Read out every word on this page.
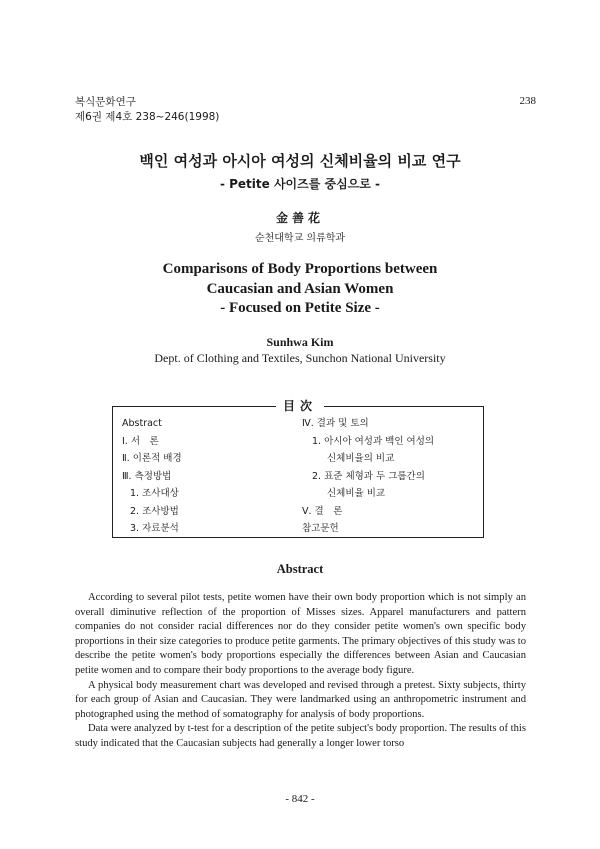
복식문화연구
제6권 제4호 238~246(1998)
238
백인 여성과 아시아 여성의 신체비율의 비교 연구
- Petite 사이즈를 중심으로 -
金善花
순천대학교 의류학과
Comparisons of Body Proportions between
Caucasian and Asian Women
- Focused on Petite Size -
Sunhwa Kim
Dept. of Clothing and Textiles, Sunchon National University
目次
Abstract
Ⅰ. 서　론
Ⅱ. 이론적 배경
Ⅲ. 측정방법
1. 조사대상
2. 조사방법
3. 자료분석
Ⅳ. 결과 및 토의
1. 아시아 여성과 백인 여성의
신체비율의 비교
2. 표준 체형과 두 그룹간의
신체비율 비교
Ⅴ. 결　론
참고문헌
Abstract

According to several pilot tests, petite women have their own body proportion which is not simply an overall diminutive reflection of the proportion of Misses sizes. Apparel manufacturers and pattern companies do not consider racial differences nor do they consider petite women's own specific body proportions in their size categories to produce petite garments. The primary objectives of this study was to describe the petite women's body proportions especially the differences between Asian and Caucasian petite women and to compare their body proportions to the average body figure.

A physical body measurement chart was developed and revised through a pretest. Sixty subjects, thirty for each group of Asian and Caucasian. They were landmarked using an anthropometric instrument and photographed using the method of somatography for analysis of body proportions.

Data were analyzed by t-test for a description of the petite subject's body proportion. The results of this study indicated that the Caucasian subjects had generally a longer lower torso

- 842 -
